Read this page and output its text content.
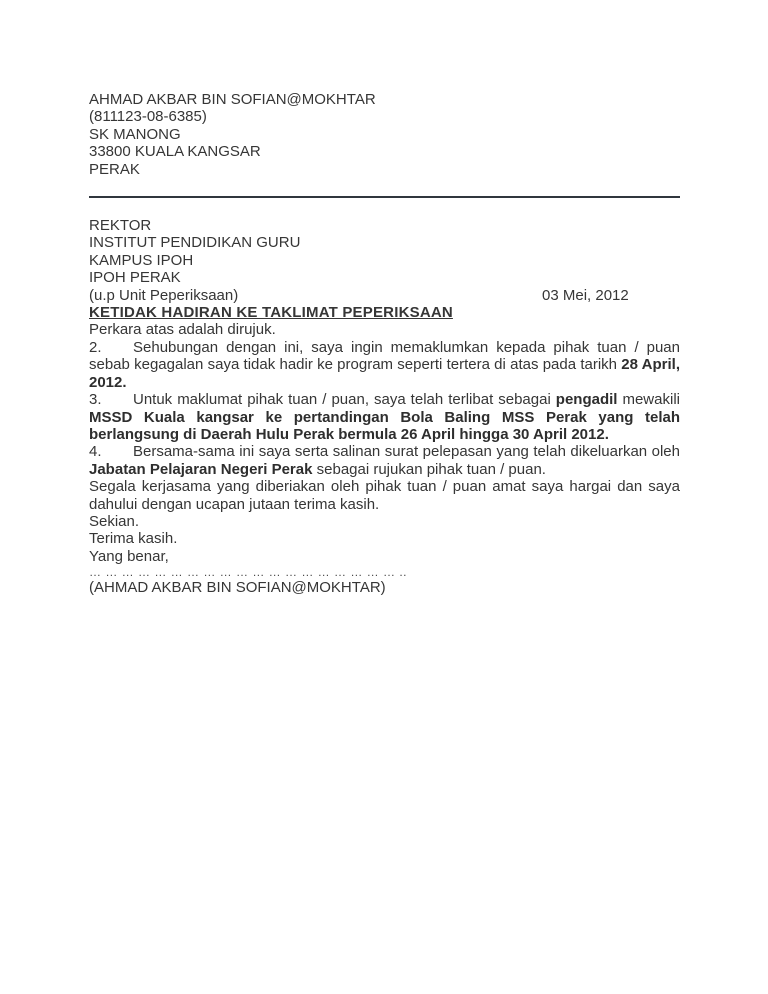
AHMAD AKBAR BIN SOFIAN@MOKHTAR
(811123-08-6385)
SK MANONG
33800 KUALA KANGSAR
PERAK
REKTOR
INSTITUT PENDIDIKAN GURU
KAMPUS IPOH
IPOH PERAK
(u.p Unit Peperiksaan)	03 Mei, 2012
KETIDAK HADIRAN KE TAKLIMAT PEPERIKSAAN

Perkara atas adalah dirujuk.

2. Sehubungan dengan ini, saya ingin memaklumkan kepada pihak tuan / puan sebab kegagalan saya tidak hadir ke program seperti tertera di atas pada tarikh 28 April, 2012.

3. Untuk maklumat pihak tuan / puan, saya telah terlibat sebagai pengadil mewakili MSSD Kuala kangsar ke pertandingan Bola Baling MSS Perak yang telah berlangsung di Daerah Hulu Perak bermula 26 April hingga 30 April 2012.

4. Bersama-sama ini saya serta salinan surat pelepasan yang telah dikeluarkan oleh Jabatan Pelajaran Negeri Perak sebagai rujukan pihak tuan / puan.

Segala kerjasama yang diberiakan oleh pihak tuan / puan amat saya hargai dan saya dahului dengan ucapan jutaan terima kasih.

Sekian.

Terima kasih.

Yang benar,

… … … … … … … … … … … … … … … … … … … ..

(AHMAD AKBAR BIN SOFIAN@MOKHTAR)
